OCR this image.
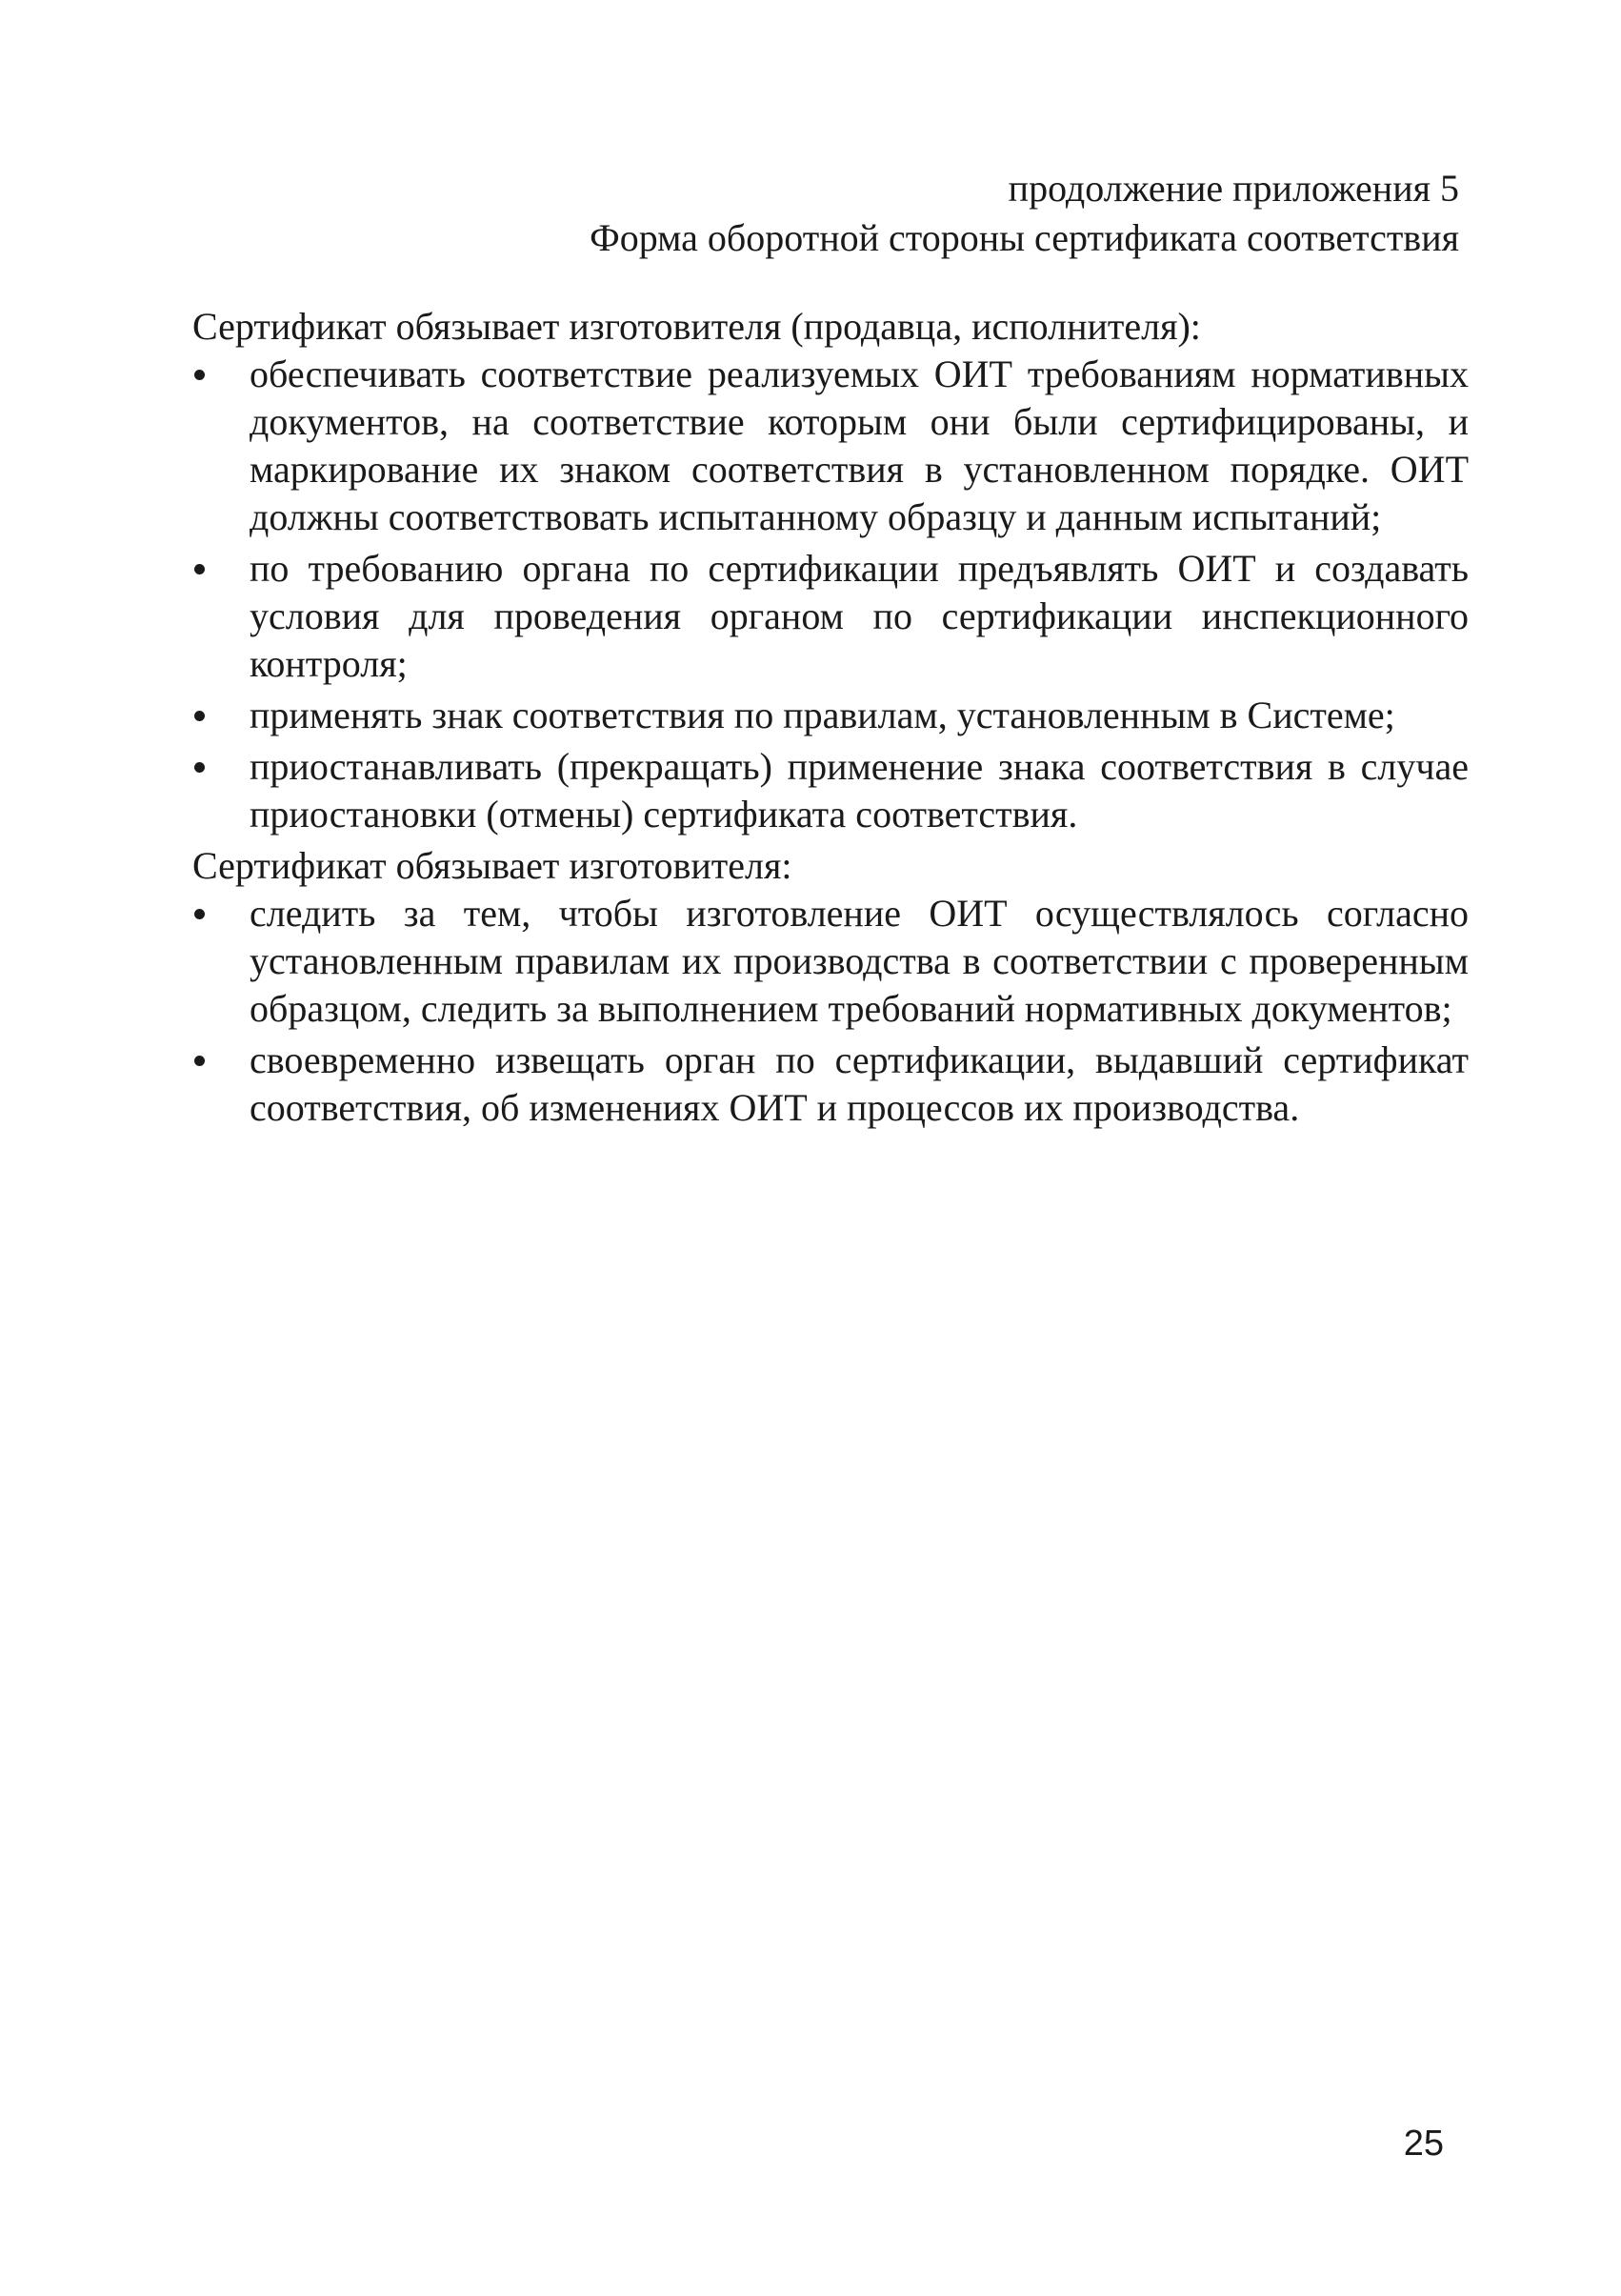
продолжение приложения 5
Форма оборотной стороны сертификата соответствия

Сертификат обязывает изготовителя (продавца, исполнителя):

обеспечивать соответствие реализуемых ОИТ требованиям нормативных документов, на соответствие которым они были сертифицированы, и маркирование их знаком соответствия в установленном порядке. ОИТ должны соответствовать испытанному образцу и данным испытаний;
по требованию органа по сертификации предъявлять ОИТ и создавать условия для проведения органом по сертификации инспекционного контроля;
применять знак соответствия по правилам, установленным в Системе;
приостанавливать (прекращать) применение знака соответствия в случае приостановки (отмены) сертификата соответствия.

Сертификат обязывает изготовителя:

следить за тем, чтобы изготовление ОИТ осуществлялось согласно установленным правилам их производства в соответствии с проверенным образцом, следить за выполнением требований нормативных документов;
своевременно извещать орган по сертификации, выдавший сертификат соответствия, об изменениях ОИТ и процессов их производства.
25
